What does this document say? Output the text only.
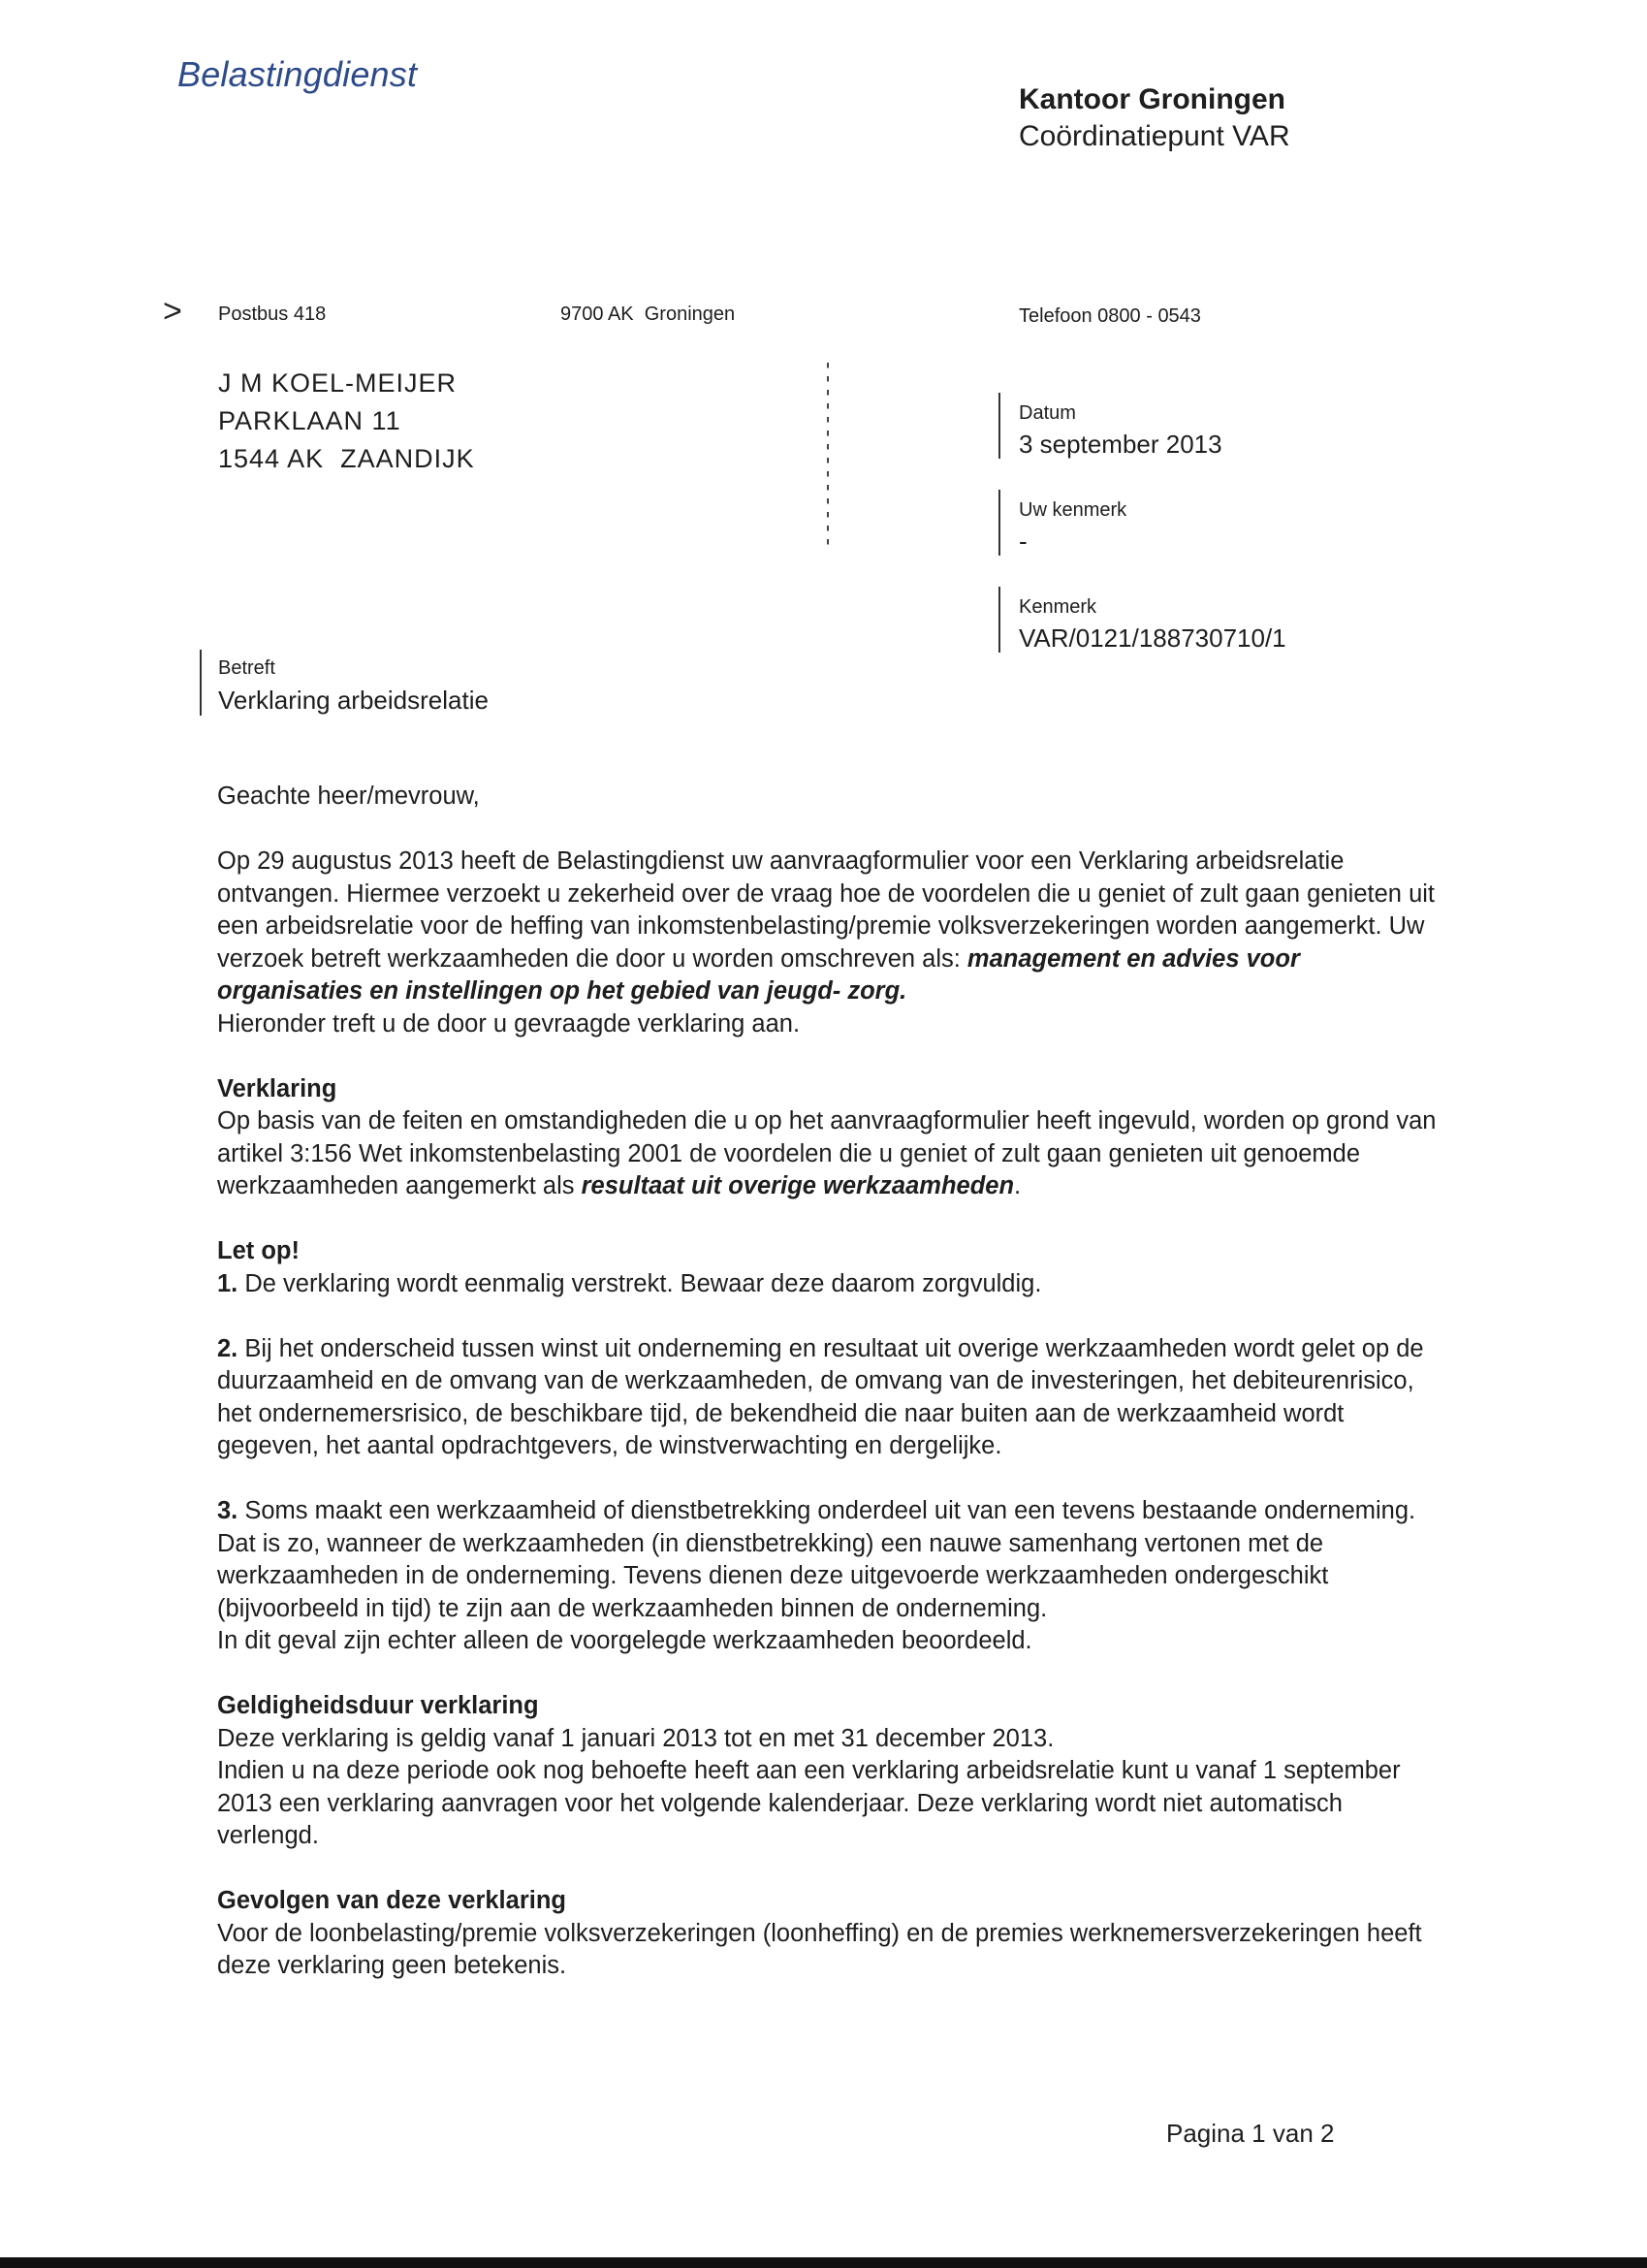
Belastingdienst
Kantoor Groningen
Coördinatiepunt VAR
> Postbus 418	9700 AK  Groningen	Telefoon 0800 - 0543
J M KOEL-MEIJER
PARKLAAN 11
1544 AK  ZAANDIJK
Datum
3 september 2013
Uw kenmerk
-
Kenmerk
VAR/0121/188730710/1
Betreft
Verklaring arbeidsrelatie

Geachte heer/mevrouw,

Op 29 augustus 2013 heeft de Belastingdienst uw aanvraagformulier voor een Verklaring arbeidsrelatie ontvangen. Hiermee verzoekt u zekerheid over de vraag hoe de voordelen die u geniet of zult gaan genieten uit een arbeidsrelatie voor de heffing van inkomstenbelasting/premie volksverzekeringen worden aangemerkt. Uw verzoek betreft werkzaamheden die door u worden omschreven als: management en advies voor organisaties en instellingen op het gebied van jeugd- zorg.
Hieronder treft u de door u gevraagde verklaring aan.

Verklaring
Op basis van de feiten en omstandigheden die u op het aanvraagformulier heeft ingevuld, worden op grond van artikel 3:156 Wet inkomstenbelasting 2001 de voordelen die u geniet of zult gaan genieten uit genoemde werkzaamheden aangemerkt als resultaat uit overige werkzaamheden.

Let op!
1. De verklaring wordt eenmalig verstrekt. Bewaar deze daarom zorgvuldig.

2. Bij het onderscheid tussen winst uit onderneming en resultaat uit overige werkzaamheden wordt gelet op de duurzaamheid en de omvang van de werkzaamheden, de omvang van de investeringen, het debiteurenrisico, het ondernemersrisico, de beschikbare tijd, de bekendheid die naar buiten aan de werkzaamheid wordt gegeven, het aantal opdrachtgevers, de winstverwachting en dergelijke.

3. Soms maakt een werkzaamheid of dienstbetrekking onderdeel uit van een tevens bestaande onderneming. Dat is zo, wanneer de werkzaamheden (in dienstbetrekking) een nauwe samenhang vertonen met de werkzaamheden in de onderneming. Tevens dienen deze uitgevoerde werkzaamheden ondergeschikt (bijvoorbeeld in tijd) te zijn aan de werkzaamheden binnen de onderneming.
In dit geval zijn echter alleen de voorgelegde werkzaamheden beoordeeld.

Geldigheidsduur verklaring
Deze verklaring is geldig vanaf 1 januari 2013 tot en met 31 december 2013.
Indien u na deze periode ook nog behoefte heeft aan een verklaring arbeidsrelatie kunt u vanaf 1 september 2013 een verklaring aanvragen voor het volgende kalenderjaar. Deze verklaring wordt niet automatisch verlengd.

Gevolgen van deze verklaring
Voor de loonbelasting/premie volksverzekeringen (loonheffing) en de premies werknemersverzekeringen heeft deze verklaring geen betekenis.

Pagina 1 van 2
